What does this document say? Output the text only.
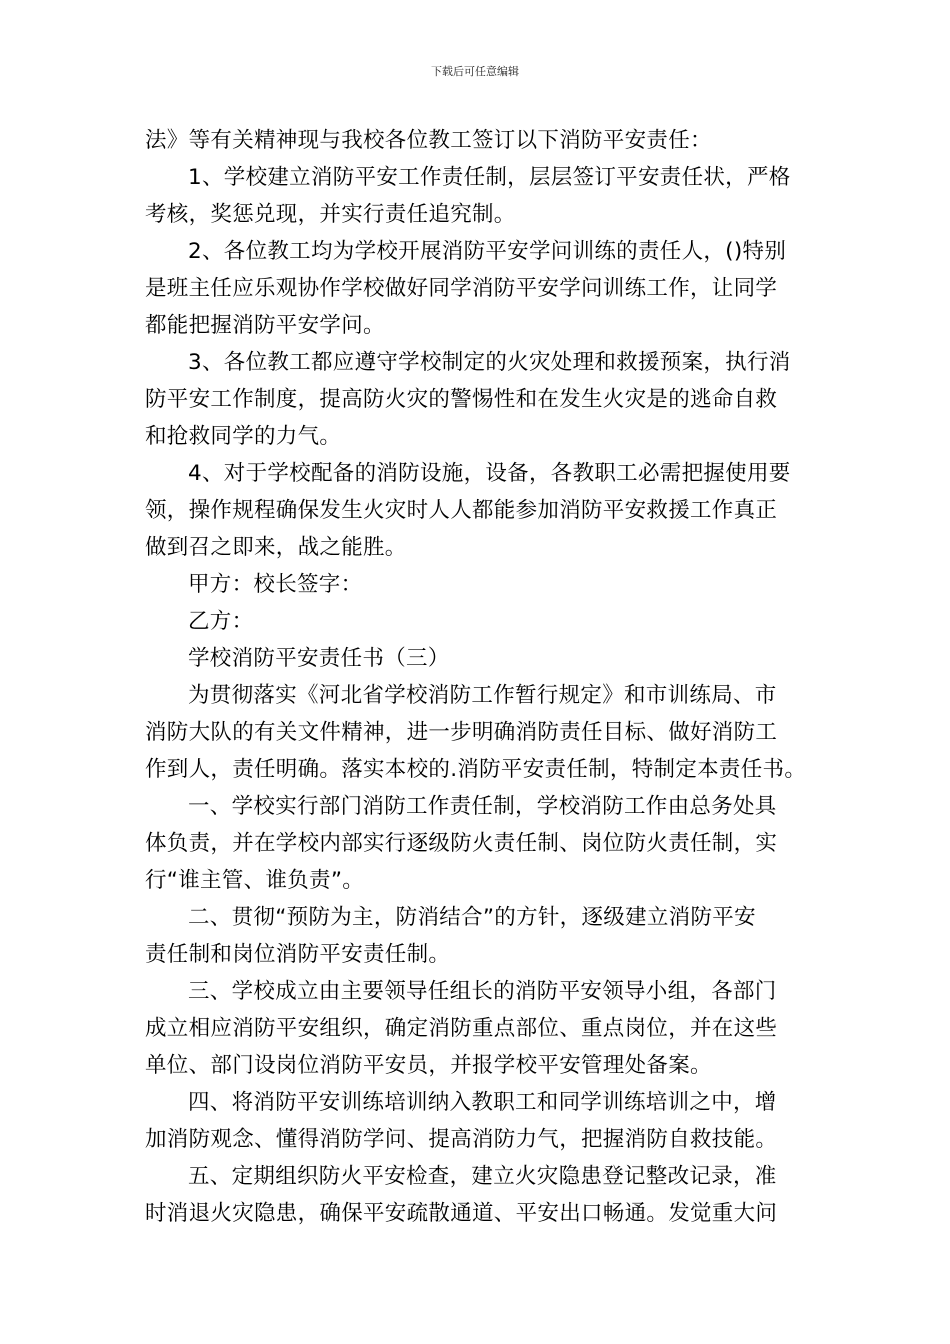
下载后可任意编辑
法》等有关精神现与我校各位教工签订以下消防平安责任：
1、学校建立消防平安工作责任制，层层签订平安责任状，严格
考核，奖惩兑现，并实行责任追究制。
2、各位教工均为学校开展消防平安学问训练的责任人，()特别
是班主任应乐观协作学校做好同学消防平安学问训练工作，让同学
都能把握消防平安学问。
3、各位教工都应遵守学校制定的火灾处理和救援预案，执行消
防平安工作制度，提高防火灾的警惕性和在发生火灾是的逃命自救
和抢救同学的力气。
4、对于学校配备的消防设施，设备，各教职工必需把握使用要
领，操作规程确保发生火灾时人人都能参加消防平安救援工作真正
做到召之即来，战之能胜。
甲方：校长签字：
乙方：
学校消防平安责任书（三）
为贯彻落实《河北省学校消防工作暂行规定》和市训练局、市
消防大队的有关文件精神，进一步明确消防责任目标、做好消防工
作到人，责任明确。落实本校的.消防平安责任制，特制定本责任书。
一、学校实行部门消防工作责任制，学校消防工作由总务处具
体负责，并在学校内部实行逐级防火责任制、岗位防火责任制，实
行“谁主管、谁负责”。
二、贯彻“预防为主，防消结合”的方针，逐级建立消防平安
责任制和岗位消防平安责任制。
三、学校成立由主要领导任组长的消防平安领导小组，各部门
成立相应消防平安组织，确定消防重点部位、重点岗位，并在这些
单位、部门设岗位消防平安员，并报学校平安管理处备案。
四、将消防平安训练培训纳入教职工和同学训练培训之中，增
加消防观念、懂得消防学问、提高消防力气，把握消防自救技能。
五、定期组织防火平安检查，建立火灾隐患登记整改记录，准
时消退火灾隐患，确保平安疏散通道、平安出口畅通。发觉重大问
